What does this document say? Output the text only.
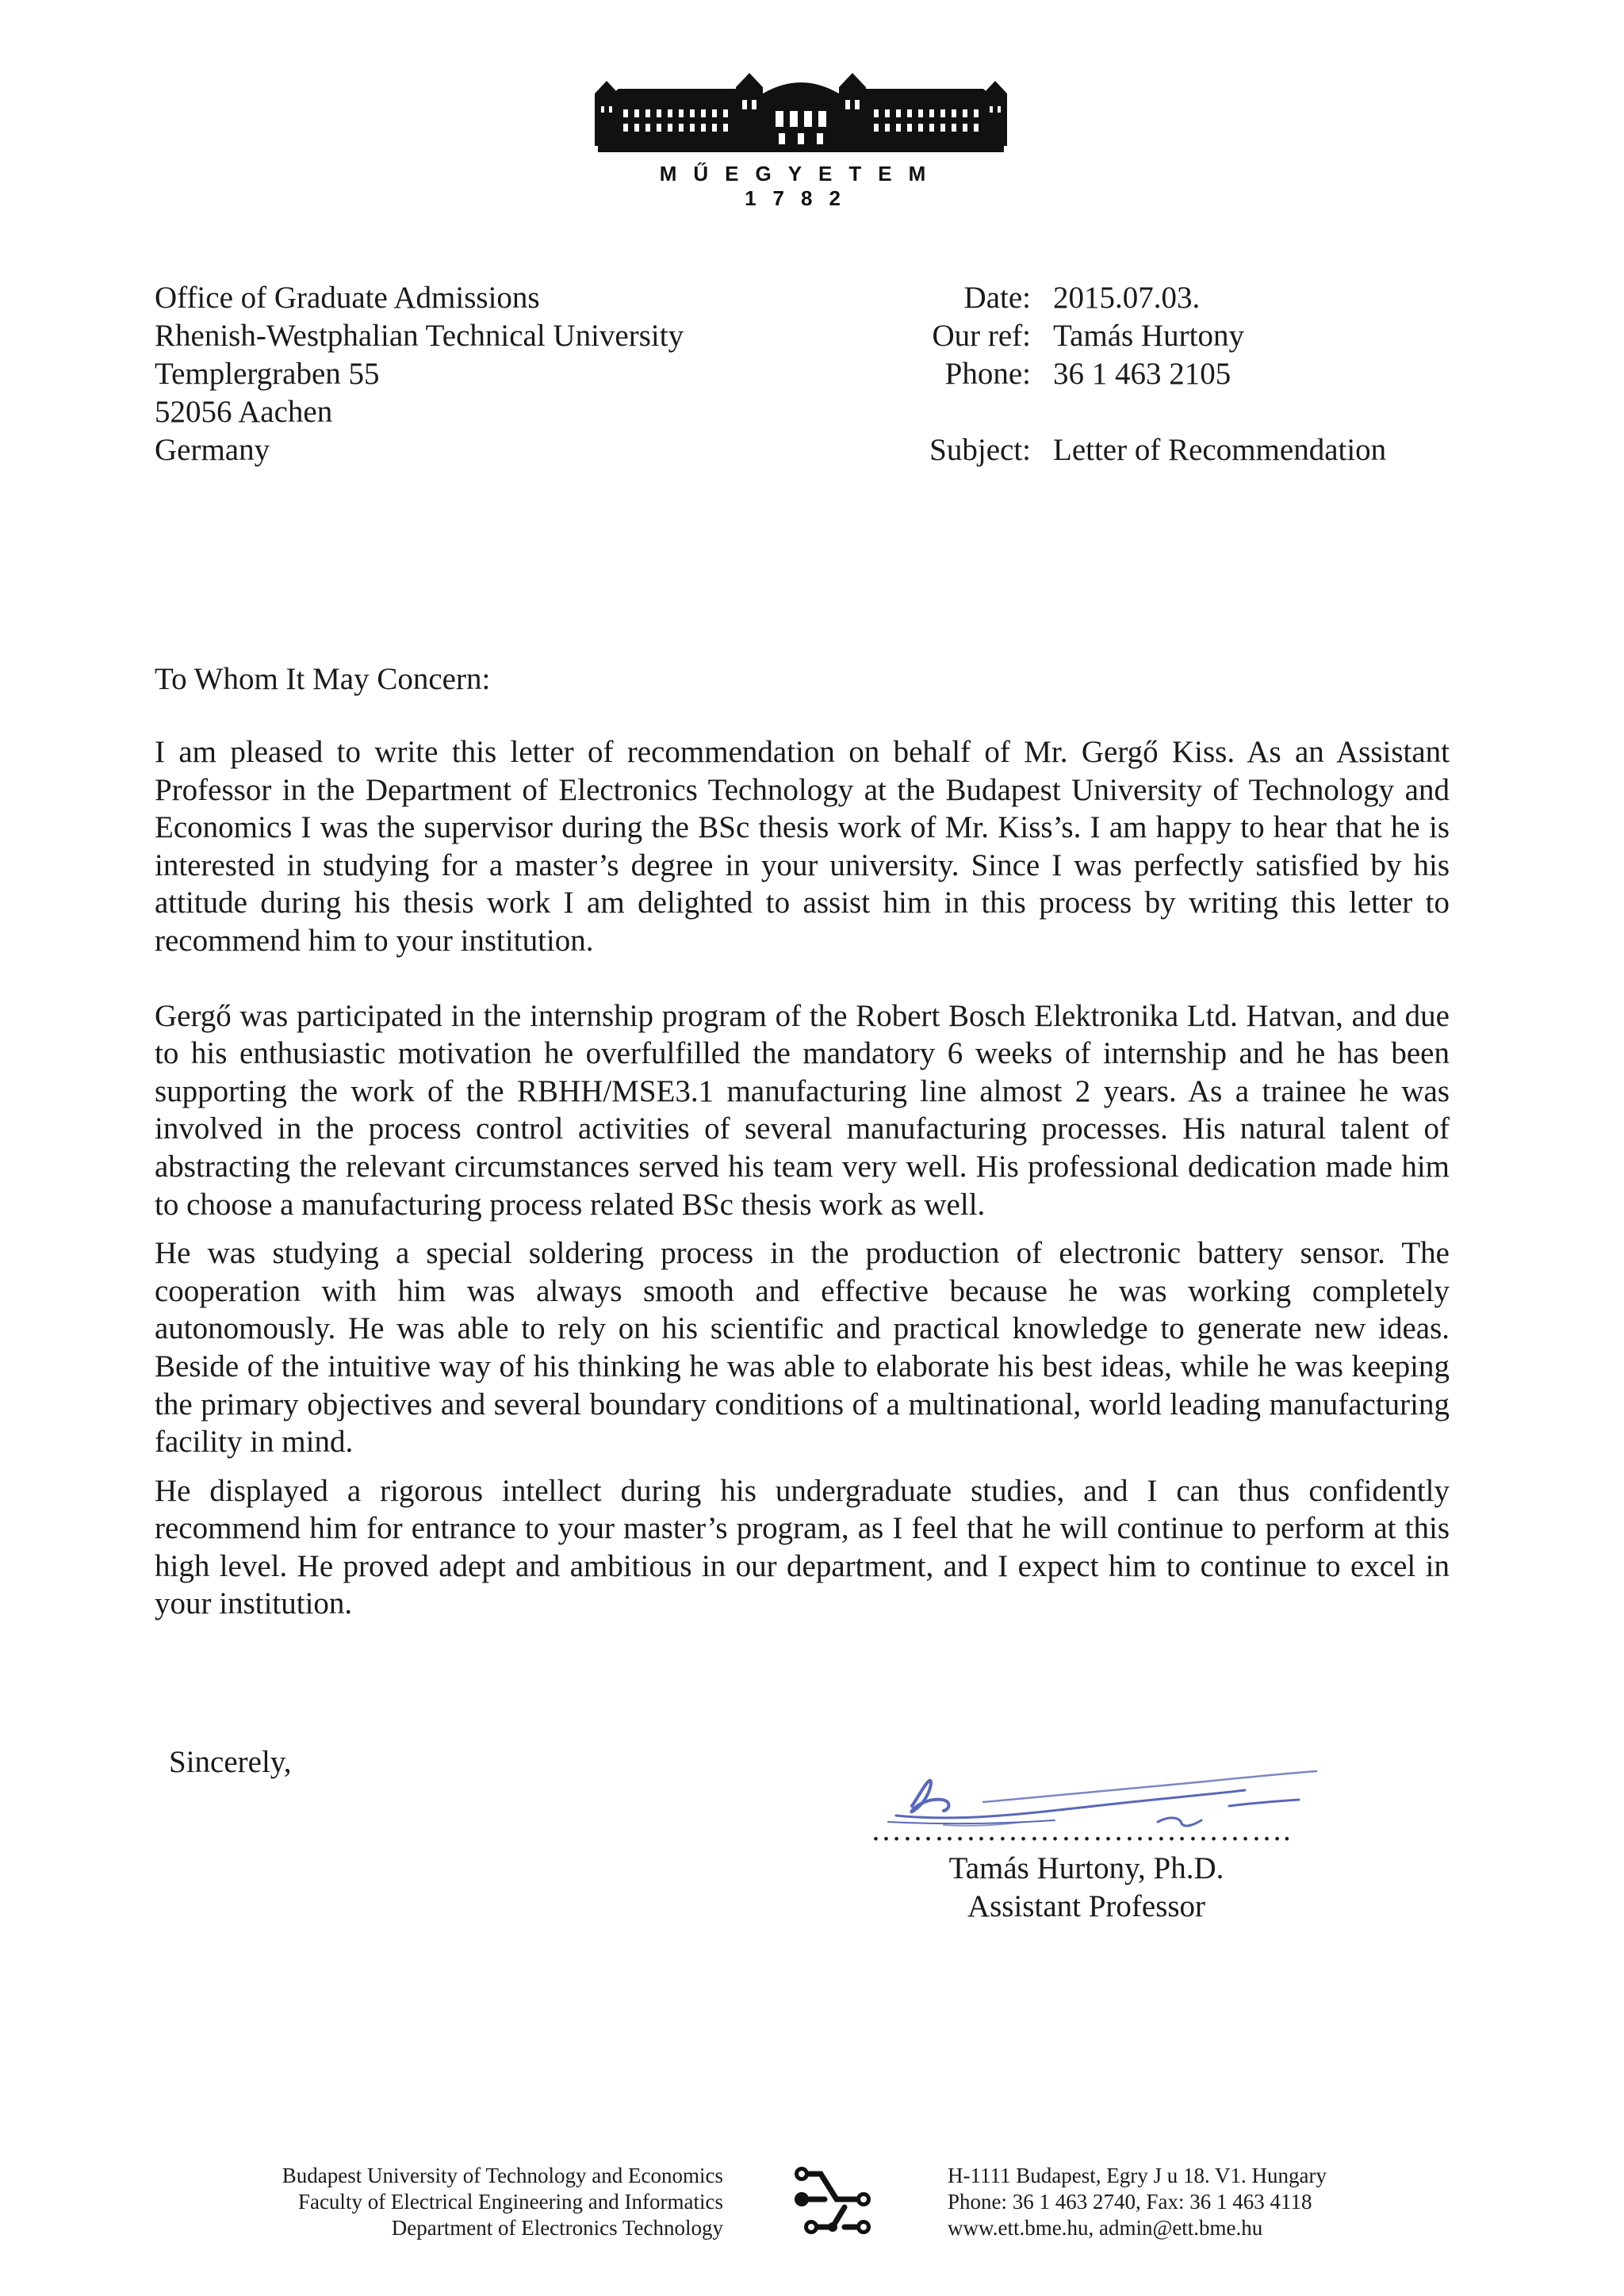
MŰEGYETEM 1782
Office of Graduate Admissions
Rhenish-Westphalian Technical University
Templergraben 55
52056 Aachen
Germany
Date: 2015.07.03.
Our ref: Tamás Hurtony
Phone: 36 1 463 2105
Subject: Letter of Recommendation
To Whom It May Concern:

I am pleased to write this letter of recommendation on behalf of Mr. Gergő Kiss. As an Assistant Professor in the Department of Electronics Technology at the Budapest University of Technology and Economics I was the supervisor during the BSc thesis work of Mr. Kiss’s. I am happy to hear that he is interested in studying for a master’s degree in your university. Since I was perfectly satisfied by his attitude during his thesis work I am delighted to assist him in this process by writing this letter to recommend him to your institution.

Gergő was participated in the internship program of the Robert Bosch Elektronika Ltd. Hatvan, and due to his enthusiastic motivation he overfulfilled the mandatory 6 weeks of internship and he has been supporting the work of the RBHH/MSE3.1 manufacturing line almost 2 years. As a trainee he was involved in the process control activities of several manufacturing processes. His natural talent of abstracting the relevant circumstances served his team very well. His professional dedication made him to choose a manufacturing process related BSc thesis work as well.

He was studying a special soldering process in the production of electronic battery sensor. The cooperation with him was always smooth and effective because he was working completely autonomously. He was able to rely on his scientific and practical knowledge to generate new ideas. Beside of the intuitive way of his thinking he was able to elaborate his best ideas, while he was keeping the primary objectives and several boundary conditions of a multinational, world leading manufacturing facility in mind.

He displayed a rigorous intellect during his undergraduate studies, and I can thus confidently recommend him for entrance to your master’s program, as I feel that he will continue to perform at this high level. He proved adept and ambitious in our department, and I expect him to continue to excel in your institution.

Sincerely,
………………………………….
Tamás Hurtony, Ph.D.
Assistant Professor
Budapest University of Technology and Economics
Faculty of Electrical Engineering and Informatics
Department of Electronics Technology
H-1111 Budapest, Egry J u 18. V1. Hungary
Phone: 36 1 463 2740, Fax: 36 1 463 4118
www.ett.bme.hu, admin@ett.bme.hu
